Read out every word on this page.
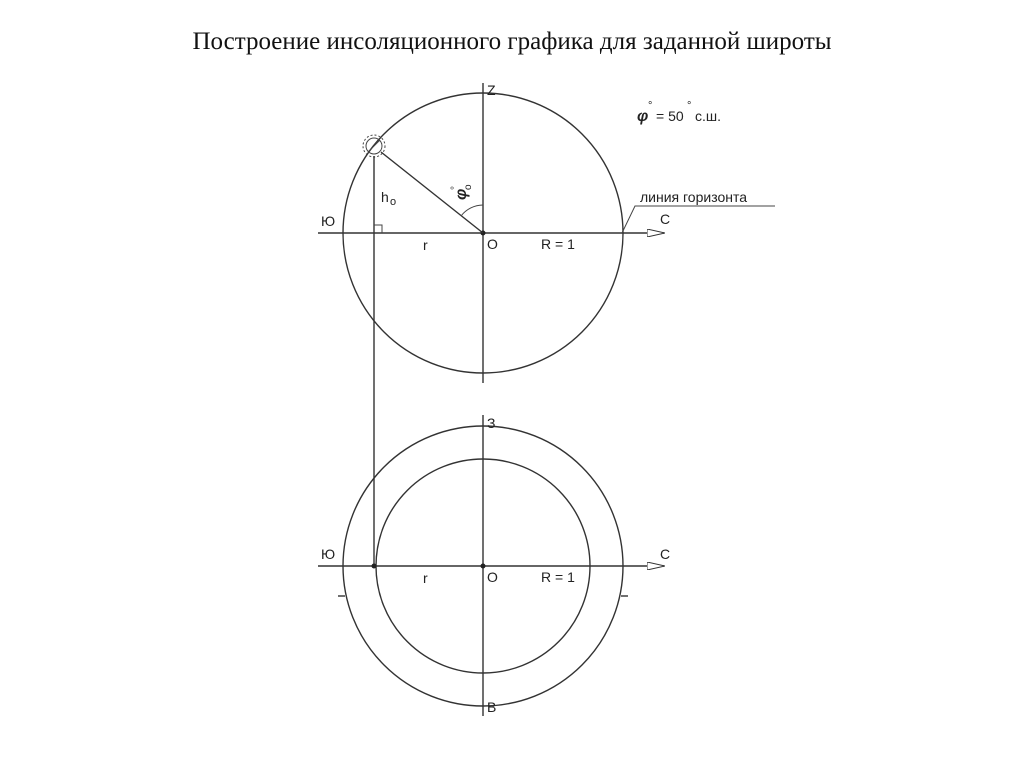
Построение инсоляционного графика для заданной широты
Z
Ю	С
O	R = 1
r
h о
φ
° о
φ
°
= 50
°
с.ш.
линия горизонта
З
В
Ю	С
O	R = 1
r
